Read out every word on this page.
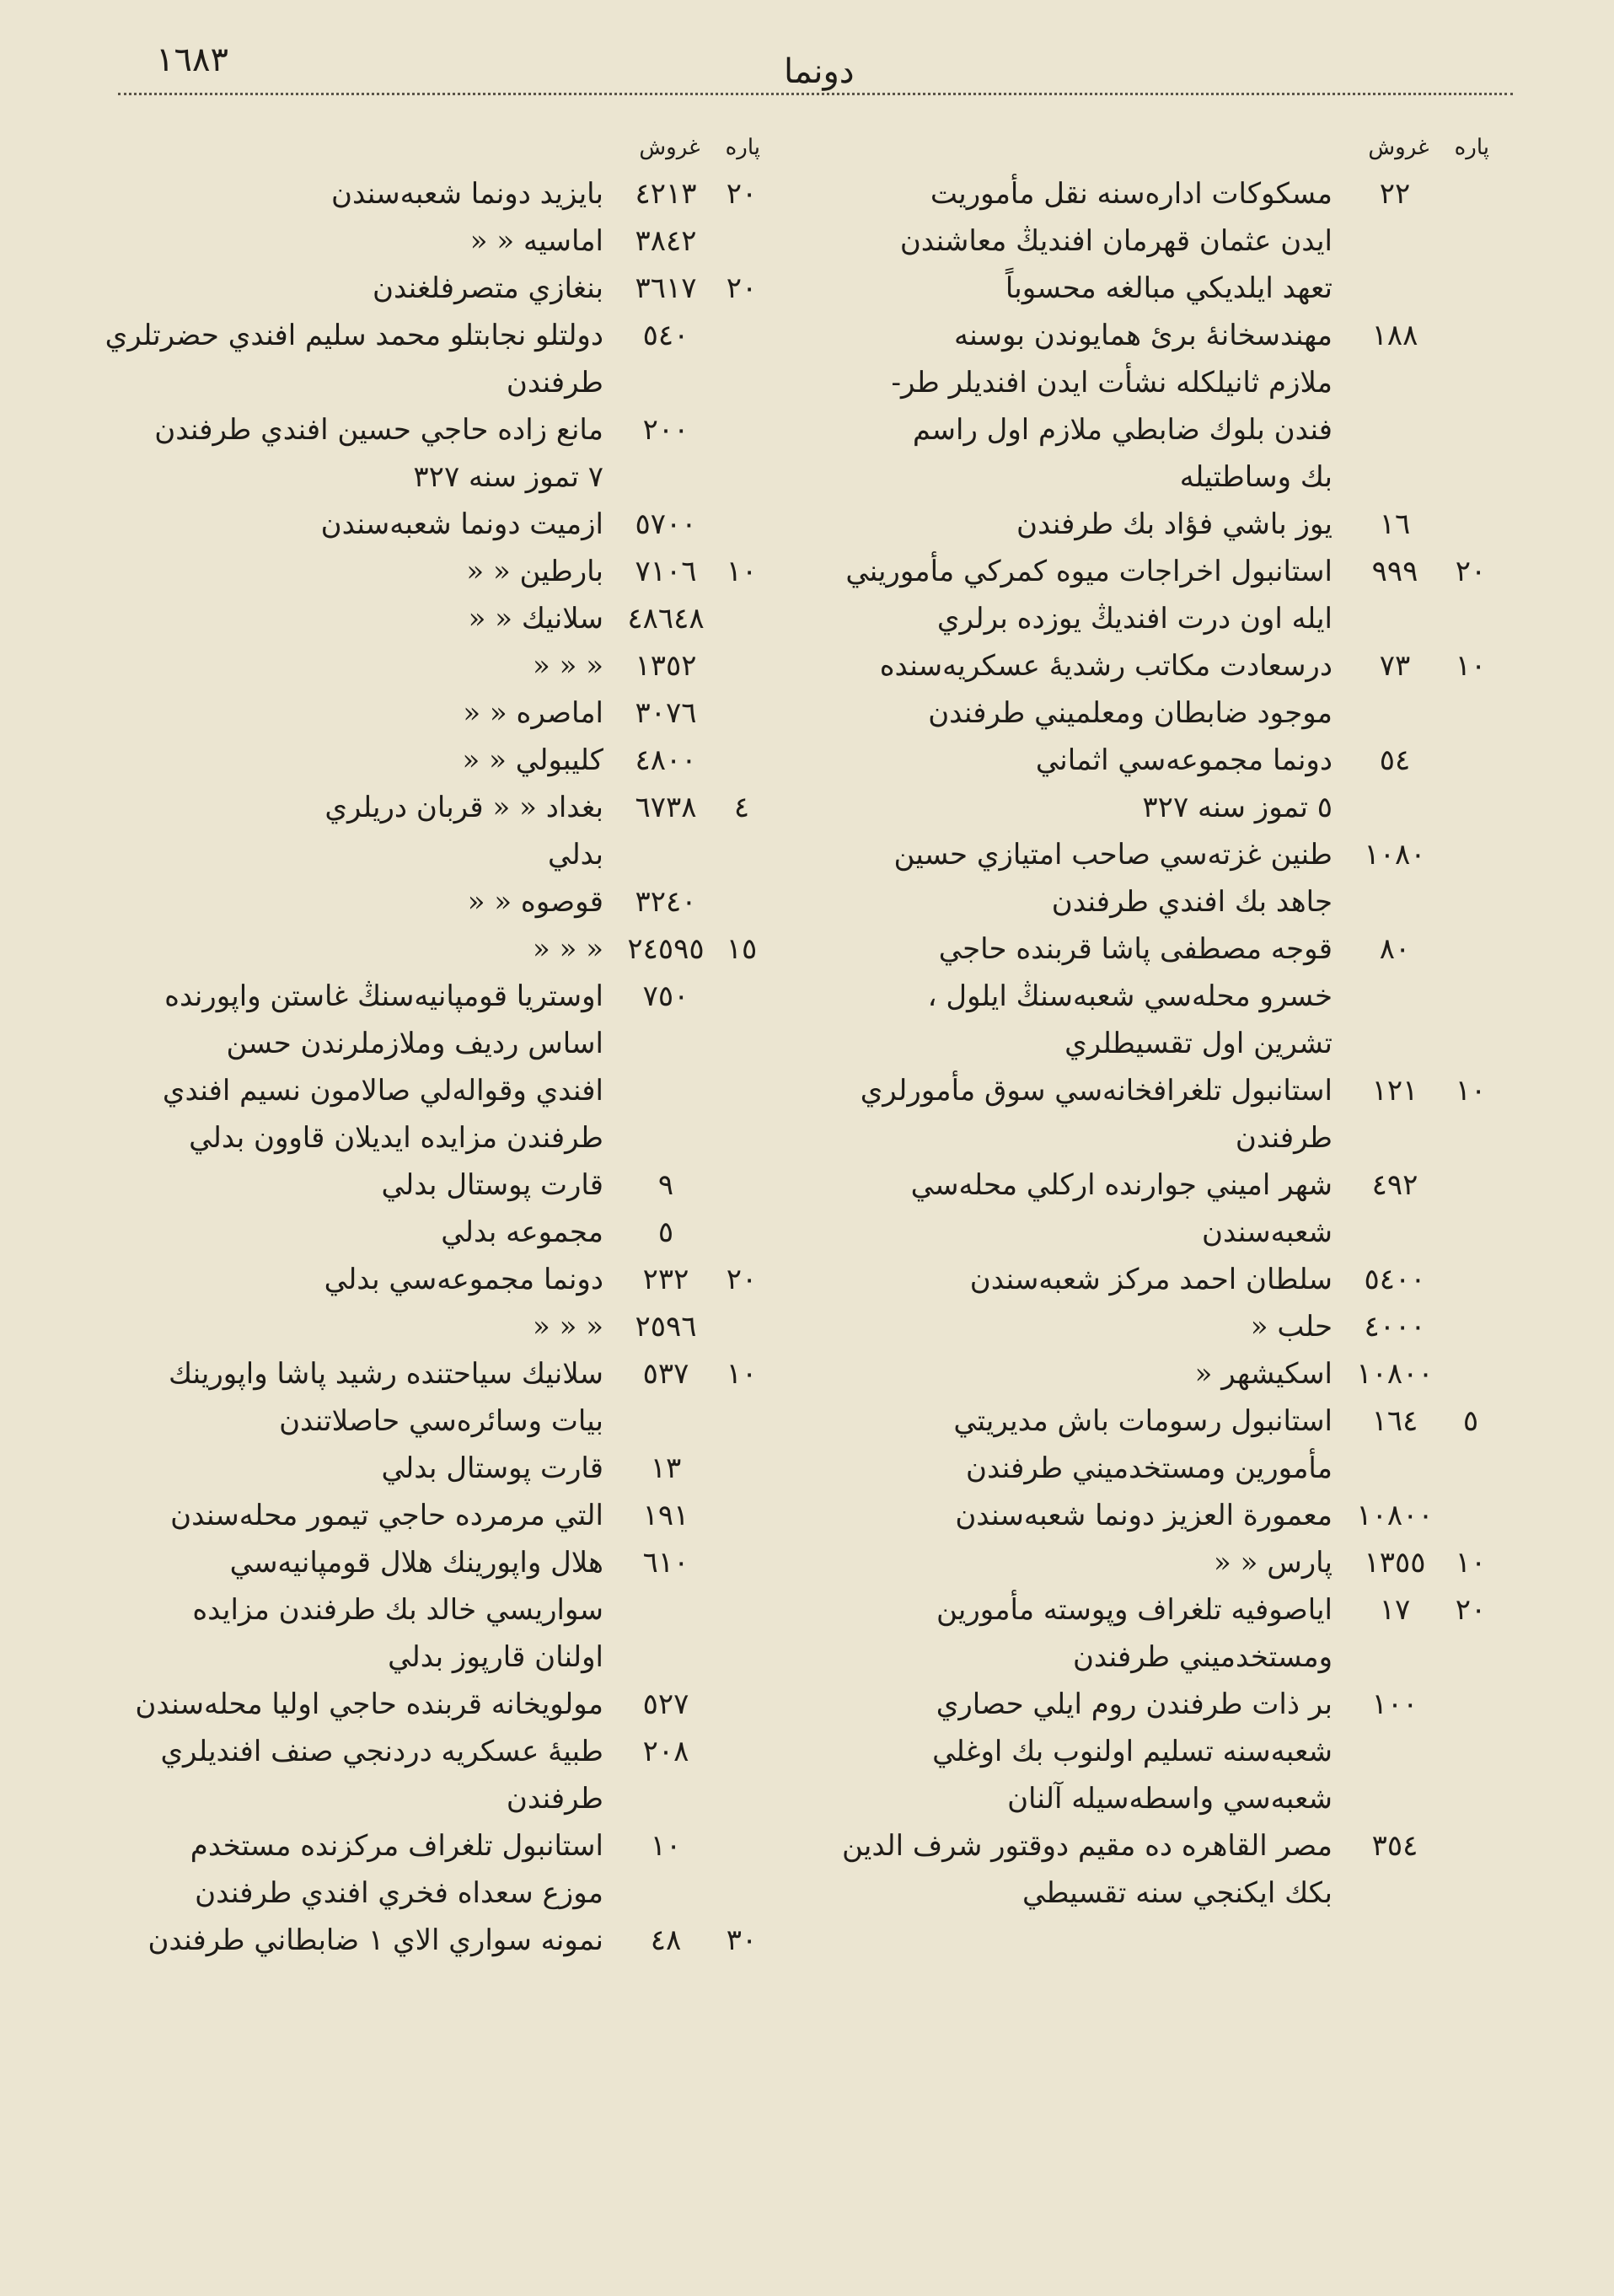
١٦٨٣	دونما
پاره
غروش
٢٢
مسكوكات ادارەسنە نقل مأموريت
ايدن عثمان قهرمان افنديڭ معاشندن
تعهد ايلديكي مبالغه محسوباً
١٨٨
مهندسخانۀ برئ همايوندن بوسنه
ملازم ثانيلكله نشأت ايدن افنديلر طر-
فندن بلوك ضابطي ملازم اول راسم
بك وساطتيله
١٦
يوز باشي فؤاد بك طرفندن
٢٠
٩٩٩
استانبول اخراجات ميوه كمركي مأموريني
ايله اون درت افنديڭ يوزده برلري
١٠
٧٣
درسعادت مكاتب رشديۀ عسكريەسنده
موجود ضابطان ومعلميني طرفندن
٥٤
دونما مجموعەسي اثماني
٥ تموز سنه ٣٢٧
١٠٨٠
طنين غزتەسي صاحب امتيازي حسين
جاهد بك افندي طرفندن
٨٠
قوجه مصطفى پاشا قربنده حاجي
خسرو محلەسي شعبەسنڭ ايلول ،
تشرين اول تقسيطلري
١٠
١٢١
استانبول تلغرافخانەسي سوق مأمورلري
طرفندن
٤٩٢
شهر اميني جوارنده اركلي محلەسي
شعبەسندن
٥٤٠٠
سلطان احمد مركز شعبەسندن
٤٠٠٠
حلب «
١٠٨٠٠
اسكيشهر «
٥
١٦٤
استانبول رسومات باش مديريتي
مأمورين ومستخدميني طرفندن
١٠٨٠٠
معمورة العزيز دونما شعبەسندن
١٠
١٣٥٥
پارس « «
٢٠
١٧
اياصوفيه تلغراف وپوسته مأمورين
ومستخدميني طرفندن
١٠٠
بر ذات طرفندن روم ايلي حصاري
شعبەسنه تسليم اولنوب بك اوغلي
شعبەسي واسطەسيله آلنان
٣٥٤
مصر القاهره ده مقيم دوقتور شرف الدين
بكك ايكنجي سنه تقسيطي
پاره
غروش
٢٠
٤٢١٣
بايزيد دونما شعبەسندن
٣٨٤٢
اماسيه « «
٢٠
٣٦١٧
بنغازي متصرفلغندن
٥٤٠
دولتلو نجابتلو محمد سليم افندي حضرتلري
طرفندن
٢٠٠
مانع زاده حاجي حسين افندي طرفندن
٧ تموز سنه ٣٢٧
٥٧٠٠
ازميت دونما شعبەسندن
١٠
٧١٠٦
بارطين « «
٤٨٦٤٨
سلانيك « «
١٣٥٢
« « «
٣٠٧٦
اماصره « «
٤٨٠٠
كليبولي « «
٤
٦٧٣٨
بغداد « « قربان دريلري
بدلي
٣٢٤٠
قوصوه « «
١٥
٢٤٥٩٥
« « «
٧٥٠
اوستريا قومپانيەسنڭ غاستن واپورنده
اساس رديف وملازملرندن حسن
افندي وقوالەلي صالامون نسيم افندي
طرفندن مزايده ايديلان قاوون بدلي
٩
قارت پوستال بدلي
٥
مجموعه بدلي
٢٠
٢٣٢
دونما مجموعەسي بدلي
٢٥٩٦
« « «
١٠
٥٣٧
سلانيك سياحتنده رشيد پاشا واپورينك
بيات وسائرەسي حاصلاتندن
١٣
قارت پوستال بدلي
١٩١
التي مرمرده حاجي تيمور محلەسندن
٦١٠
هلال واپورينك هلال قومپانيەسي
سواريسي خالد بك طرفندن مزايده
اولنان قارپوز بدلي
٥٢٧
مولويخانه قربنده حاجي اوليا محلەسندن
٢٠٨
طبيۀ عسكريه دردنجي صنف افنديلري
طرفندن
١٠
استانبول تلغراف مركزنده مستخدم
موزع سعداه فخري افندي طرفندن
٣٠
٤٨
نمونه سواري الاي ١ ضابطاني طرفندن
